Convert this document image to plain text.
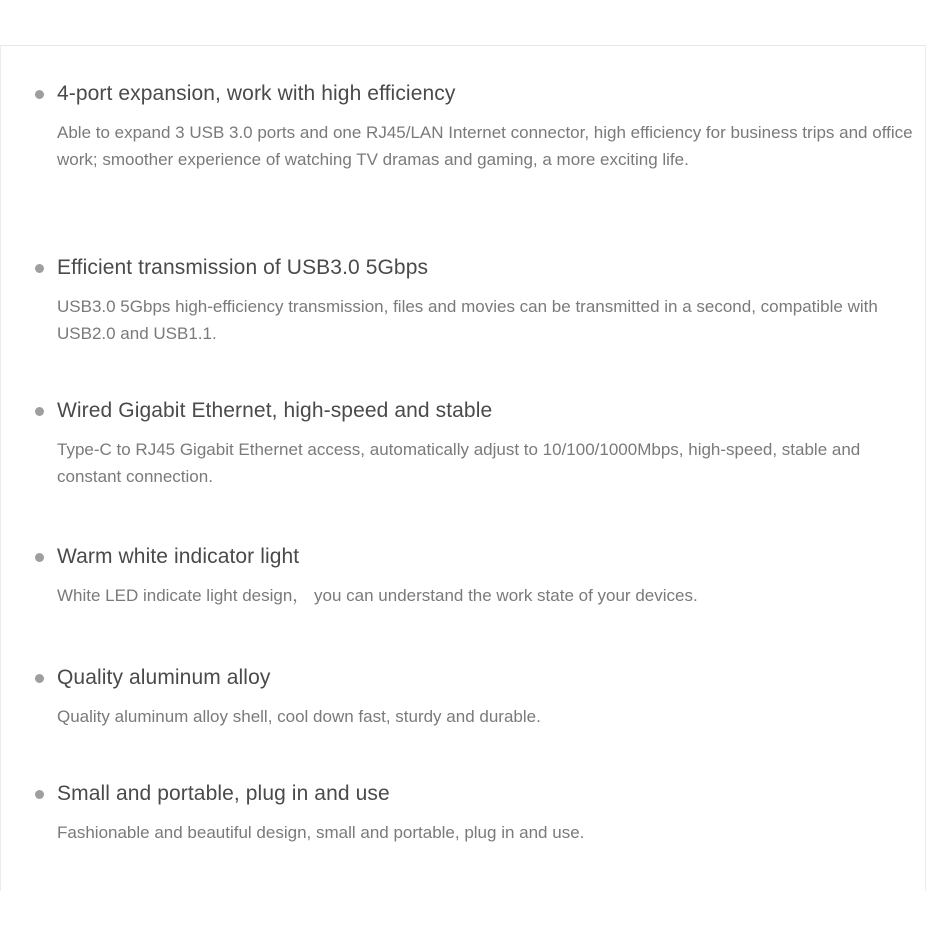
4-port expansion, work with high efficiency

Able to expand 3 USB 3.0 ports and one RJ45/LAN Internet connector, high efficiency for business trips and office work; smoother experience of watching TV dramas and gaming, a more exciting life.

Efficient transmission of USB3.0 5Gbps

USB3.0 5Gbps high-efficiency transmission, files and movies can be transmitted in a second, compatible with USB2.0 and USB1.1.

Wired Gigabit Ethernet, high-speed and stable

Type-C to RJ45 Gigabit Ethernet access, automatically adjust to 10/100/1000Mbps, high-speed, stable and constant connection.

Warm white indicator light

White LED indicate light design， you can understand the work state of your devices.

Quality aluminum alloy

Quality aluminum alloy shell, cool down fast, sturdy and durable.

Small and portable, plug in and use

Fashionable and beautiful design, small and portable, plug in and use.
